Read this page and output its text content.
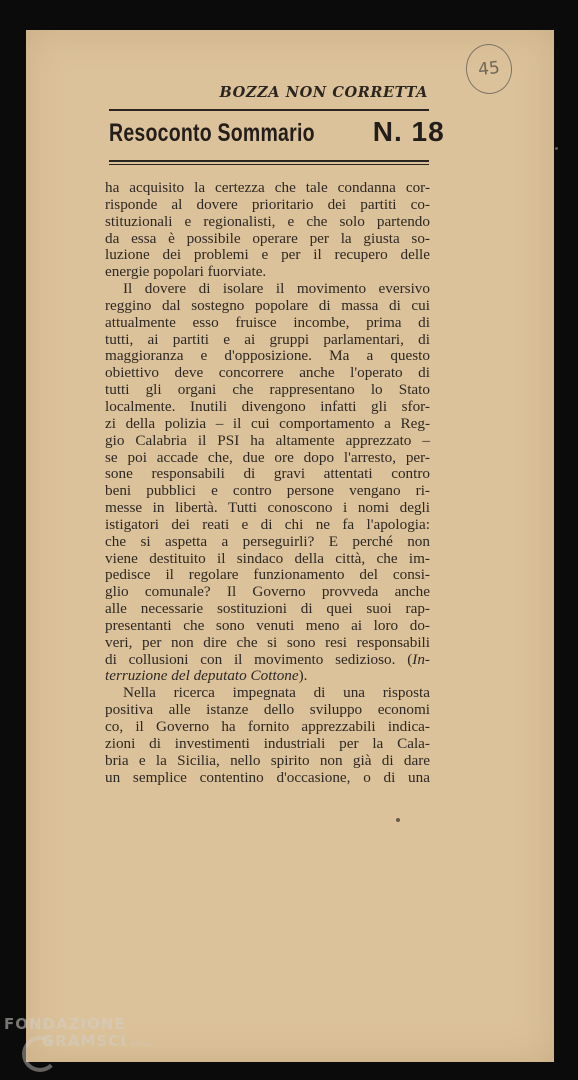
45
BOZZA NON CORRETTA
Resoconto Sommario N. 18
ha acquisito la certezza che tale condanna cor-
risponde al dovere prioritario dei partiti co-
stituzionali e regionalisti, e che solo partendo
da essa è possibile operare per la giusta so-
luzione dei problemi e per il recupero delle
energie popolari fuorviate.
Il dovere di isolare il movimento eversivo
reggino dal sostegno popolare di massa di cui
attualmente esso fruisce incombe, prima di
tutti, ai partiti e ai gruppi parlamentari, di
maggioranza e d'opposizione. Ma a questo
obiettivo deve concorrere anche l'operato di
tutti gli organi che rappresentano lo Stato
localmente. Inutili divengono infatti gli sfor-
zi della polizia – il cui comportamento a Reg-
gio Calabria il PSI ha altamente apprezzato –
se poi accade che, due ore dopo l'arresto, per-
sone responsabili di gravi attentati contro
beni pubblici e contro persone vengano ri-
messe in libertà. Tutti conoscono i nomi degli
istigatori dei reati e di chi ne fa l'apologia:
che si aspetta a perseguirli? E perché non
viene destituito il sindaco della città, che im-
pedisce il regolare funzionamento del consi-
glio comunale? Il Governo provveda anche
alle necessarie sostituzioni di quei suoi rap-
presentanti che sono venuti meno ai loro do-
veri, per non dire che si sono resi responsabili
di collusioni con il movimento sedizioso. (In-
terruzione del deputato Cottone).
Nella ricerca impegnata di una risposta
positiva alle istanze dello sviluppo economi
co, il Governo ha fornito apprezzabili indica-
zioni di investimenti industriali per la Cala-
bria e la Sicilia, nello spirito non già di dare
un semplice contentino d'occasione, o di una
FONDAZIONE
GRAMSCI onlus
